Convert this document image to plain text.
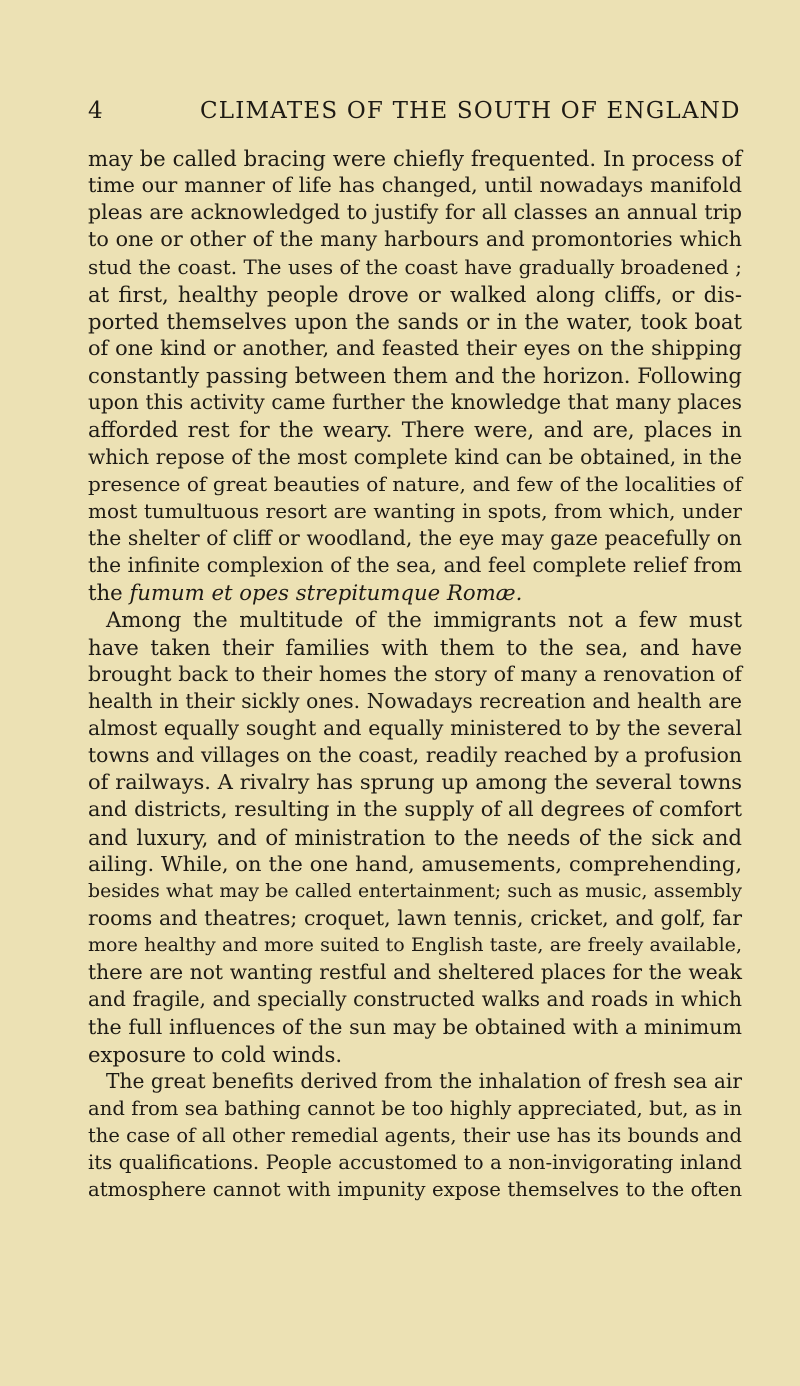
4	CLIMATES OF THE SOUTH OF ENGLAND
may be called bracing were chiefly frequented. In process of
time our manner of life has changed, until nowadays manifold
pleas are acknowledged to justify for all classes an annual trip
to one or other of the many harbours and promontories which
stud the coast. The uses of the coast have gradually broadened ;
at first, healthy people drove or walked along cliffs, or dis-
ported themselves upon the sands or in the water, took boat
of one kind or another, and feasted their eyes on the shipping
constantly passing between them and the horizon. Following
upon this activity came further the knowledge that many places
afforded rest for the weary. There were, and are, places in
which repose of the most complete kind can be obtained, in the
presence of great beauties of nature, and few of the localities of
most tumultuous resort are wanting in spots, from which, under
the shelter of cliff or woodland, the eye may gaze peacefully on
the infinite complexion of the sea, and feel complete relief from
the fumum et opes strepitumque Romæ.
Among the multitude of the immigrants not a few must
have taken their families with them to the sea, and have
brought back to their homes the story of many a renovation of
health in their sickly ones. Nowadays recreation and health are
almost equally sought and equally ministered to by the several
towns and villages on the coast, readily reached by a profusion
of railways. A rivalry has sprung up among the several towns
and districts, resulting in the supply of all degrees of comfort
and luxury, and of ministration to the needs of the sick and
ailing. While, on the one hand, amusements, comprehending,
besides what may be called entertainment; such as music, assembly
rooms and theatres; croquet, lawn tennis, cricket, and golf, far
more healthy and more suited to English taste, are freely available,
there are not wanting restful and sheltered places for the weak
and fragile, and specially constructed walks and roads in which
the full influences of the sun may be obtained with a minimum
exposure to cold winds.
The great benefits derived from the inhalation of fresh sea air
and from sea bathing cannot be too highly appreciated, but, as in
the case of all other remedial agents, their use has its bounds and
its qualifications. People accustomed to a non-invigorating inland
atmosphere cannot with impunity expose themselves to the often
